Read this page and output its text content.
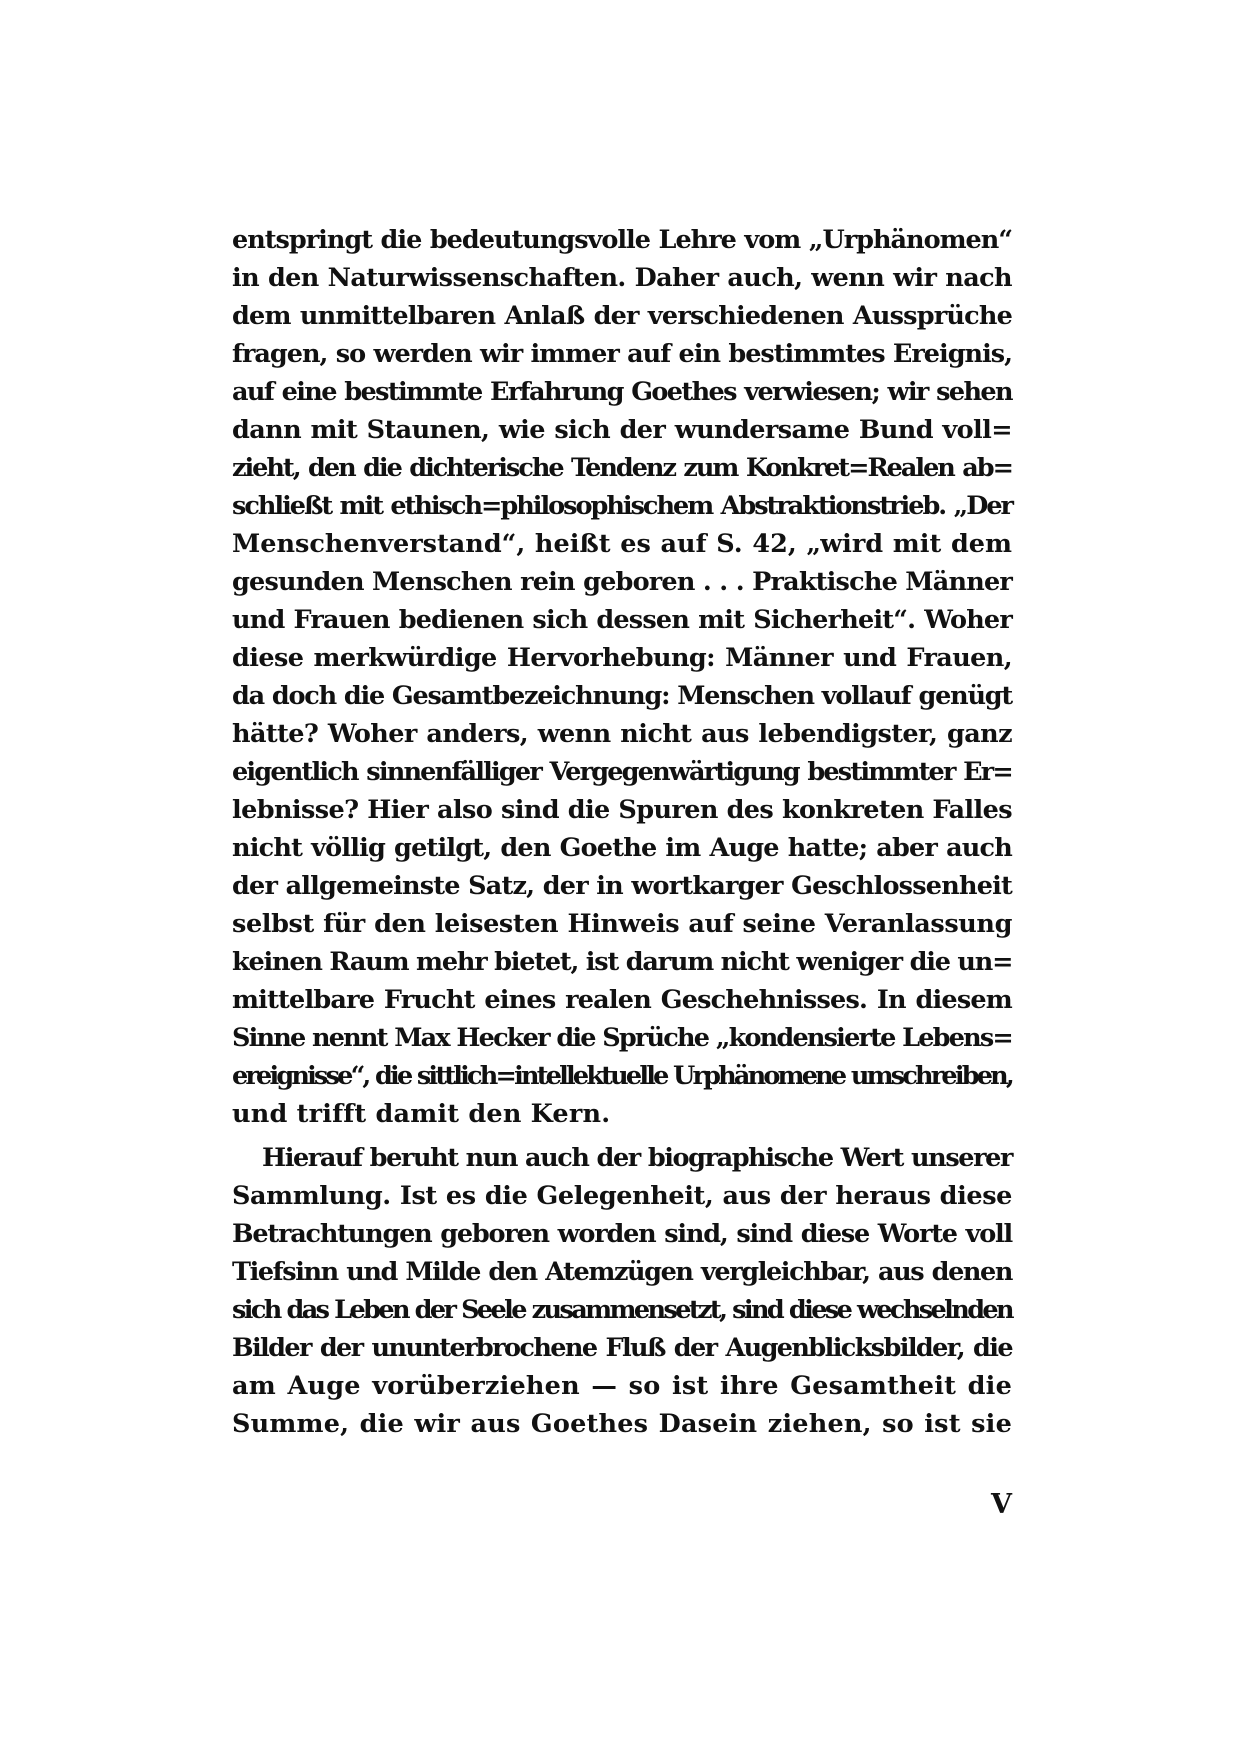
entspringt die bedeutungsvolle Lehre vom „Urphänomen“
in den Naturwissenschaften. Daher auch, wenn wir nach
dem unmittelbaren Anlaß der verschiedenen Aussprüche
fragen, so werden wir immer auf ein bestimmtes Ereignis,
auf eine bestimmte Erfahrung Goethes verwiesen; wir sehen
dann mit Staunen, wie sich der wundersame Bund voll=
zieht, den die dichterische Tendenz zum Konkret=Realen ab=
schließt mit ethisch=philosophischem Abstraktionstrieb. „Der
Menschenverstand“, heißt es auf S. 42, „wird mit dem
gesunden Menschen rein geboren . . . Praktische Männer
und Frauen bedienen sich dessen mit Sicherheit“. Woher
diese merkwürdige Hervorhebung: Männer und Frauen,
da doch die Gesamtbezeichnung: Menschen vollauf genügt
hätte? Woher anders, wenn nicht aus lebendigster, ganz
eigentlich sinnenfälliger Vergegenwärtigung bestimmter Er=
lebnisse? Hier also sind die Spuren des konkreten Falles
nicht völlig getilgt, den Goethe im Auge hatte; aber auch
der allgemeinste Satz, der in wortkarger Geschlossenheit
selbst für den leisesten Hinweis auf seine Veranlassung
keinen Raum mehr bietet, ist darum nicht weniger die un=
mittelbare Frucht eines realen Geschehnisses. In diesem
Sinne nennt Max Hecker die Sprüche „kondensierte Lebens=
ereignisse“, die sittlich=intellektuelle Urphänomene umschreiben,
und trifft damit den Kern.
Hierauf beruht nun auch der biographische Wert unserer
Sammlung. Ist es die Gelegenheit, aus der heraus diese
Betrachtungen geboren worden sind, sind diese Worte voll
Tiefsinn und Milde den Atemzügen vergleichbar, aus denen
sich das Leben der Seele zusammensetzt, sind diese wechselnden
Bilder der ununterbrochene Fluß der Augenblicksbilder, die
am Auge vorüberziehen — so ist ihre Gesamtheit die
Summe, die wir aus Goethes Dasein ziehen, so ist sie
V
